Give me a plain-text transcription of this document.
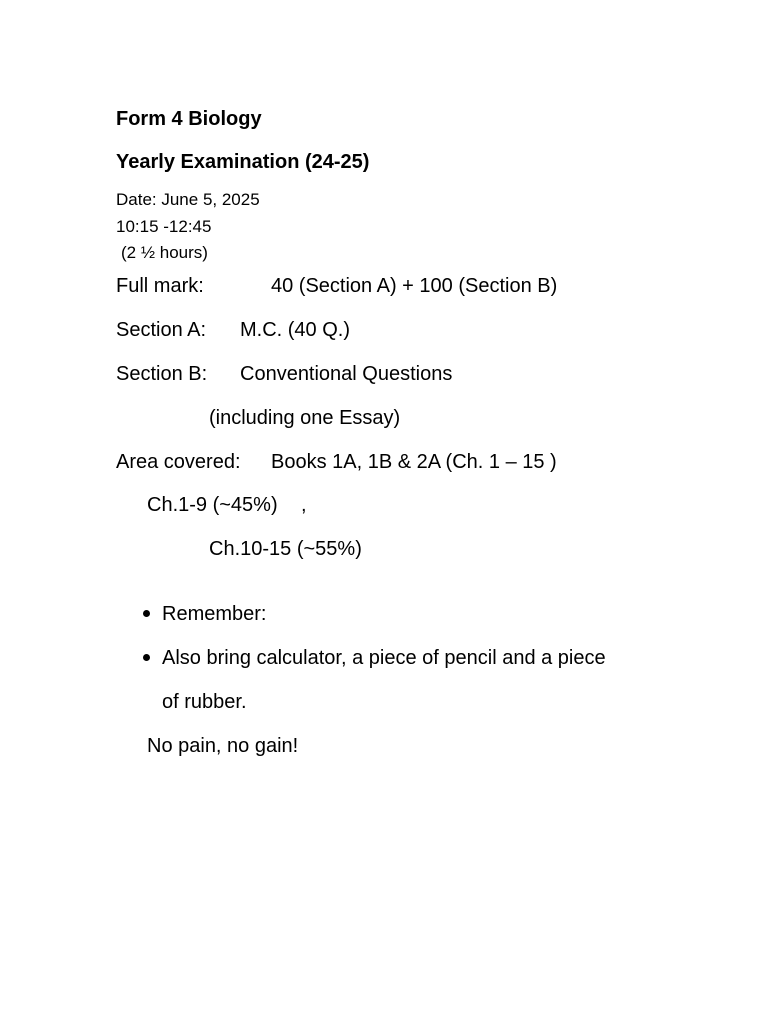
Form 4 Biology
Yearly Examination (24-25)
Date: June 5, 2025
10:15 -12:45
(2 ½ hours)
Full mark:	40 (Section A) + 100 (Section B)
Section A: M.C. (40 Q.)
Section B: Conventional Questions
(including one Essay)
Area covered: Books 1A, 1B & 2A (Ch. 1 – 15 )
Ch.1-9 (~45%) ,
Ch.10-15 (~55%)
Remember:
Also bring calculator, a piece of pencil and a piece
of rubber.
No pain, no gain!
